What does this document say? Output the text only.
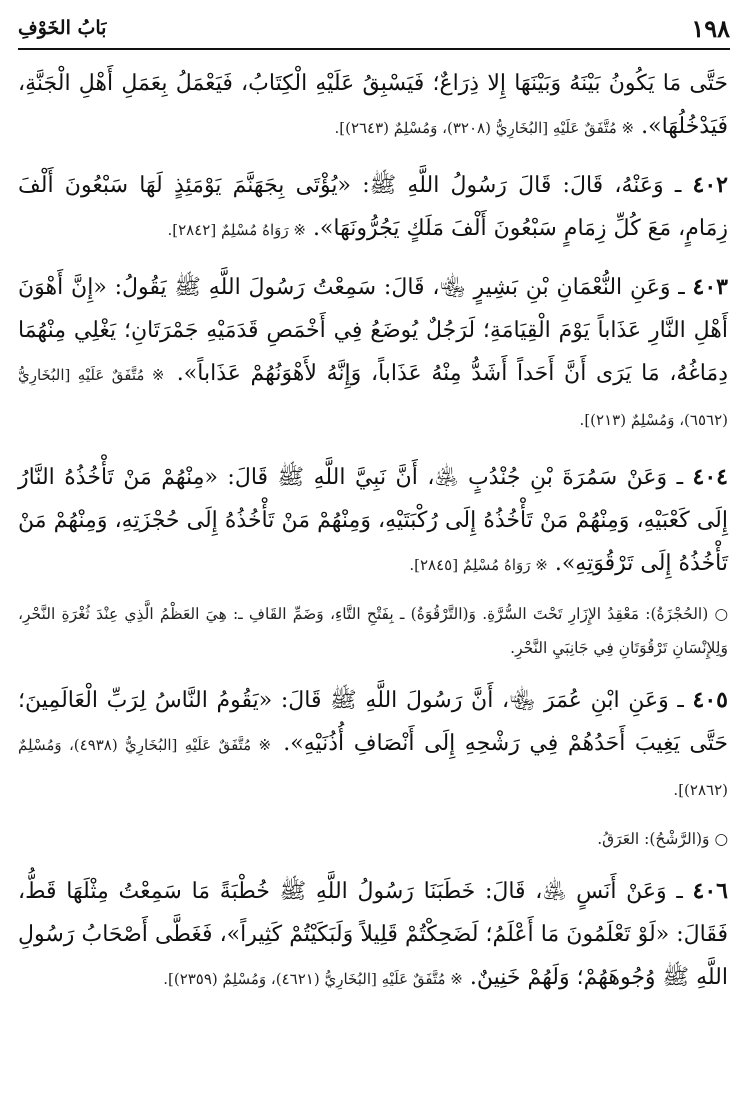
بَابُ الخَوْفِ	١٩٨

حَتَّى مَا يَكُونُ بَيْنَهُ وَبَيْنَهَا إِلا ذِرَاعٌ؛ فَيَسْبِقُ عَلَيْهِ الْكِتَابُ، فَيَعْمَلُ بِعَمَلِ أَهْلِ الْجَنَّةِ، فَيَدْخُلُهَا». ※ مُتَّفَقٌ عَلَيْهِ [البُخَارِيُّ (٣٢٠٨)، وَمُسْلِمٌ (٢٦٤٣)].

٤٠٢ ـ وَعَنْهُ، قَالَ: قَالَ رَسُولُ اللَّهِ ﷺ: «يُؤْتَى بِجَهَنَّمَ يَوْمَئِذٍ لَهَا سَبْعُونَ أَلْفَ زِمَامٍ، مَعَ كُلِّ زِمَامٍ سَبْعُونَ أَلْفَ مَلَكٍ يَجُرُّونَهَا». ※ رَوَاهُ مُسْلِمٌ [٢٨٤٢].

٤٠٣ ـ وَعَنِ النُّعْمَانِ بْنِ بَشِيرٍ ﵄، قَالَ: سَمِعْتُ رَسُولَ اللَّهِ ﷺ يَقُولُ: «إِنَّ أَهْوَنَ أَهْلِ النَّارِ عَذَاباً يَوْمَ الْقِيَامَةِ؛ لَرَجُلٌ يُوضَعُ فِي أَخْمَصِ قَدَمَيْهِ جَمْرَتَانِ؛ يَغْلِي مِنْهُمَا دِمَاغُهُ، مَا يَرَى أَنَّ أَحَداً أَشَدُّ مِنْهُ عَذَاباً، وَإِنَّهُ لأَهْوَنُهُمْ عَذَاباً». ※ مُتَّفَقٌ عَلَيْهِ [البُخَارِيُّ (٦٥٦٢)، وَمُسْلِمٌ (٢١٣)].

٤٠٤ ـ وَعَنْ سَمُرَةَ بْنِ جُنْدُبٍ ﵁، أَنَّ نَبِيَّ اللَّهِ ﷺ قَالَ: «مِنْهُمْ مَنْ تَأْخُذُهُ النَّارُ إِلَى كَعْبَيْهِ، وَمِنْهُمْ مَنْ تَأْخُذُهُ إِلَى رُكْبَتَيْهِ، وَمِنْهُمْ مَنْ تَأْخُذُهُ إِلَى حُجْزَتِهِ، وَمِنْهُمْ مَنْ تَأْخُذُهُ إِلَى تَرْقُوَتِهِ». ※ رَوَاهُ مُسْلِمٌ [٢٨٤٥].

○ (الحُجْزَةُ): مَعْقِدُ الإِزَارِ تَحْتَ السُّرَّةِ. وَ(التَّرْقُوَةُ) ـ بِفَتْحِ التَّاءِ، وَضَمِّ القَافِ ـ: هِيَ العَظْمُ الَّذِي عِنْدَ ثُغْرَةِ النَّحْرِ، وَلِلإِنْسَانِ تَرْقُوَتَانِ فِي جَانِبَيِ النَّحْرِ.

٤٠٥ ـ وَعَنِ ابْنِ عُمَرَ ﵄، أَنَّ رَسُولَ اللَّهِ ﷺ قَالَ: «يَقُومُ النَّاسُ لِرَبِّ الْعَالَمِينَ؛ حَتَّى يَغِيبَ أَحَدُهُمْ فِي رَشْحِهِ إِلَى أَنْصَافِ أُذُنَيْهِ». ※ مُتَّفَقٌ عَلَيْهِ [البُخَارِيُّ (٤٩٣٨)، وَمُسْلِمٌ (٢٨٦٢)].

○ وَ(الرَّشْحُ): العَرَقُ.

٤٠٦ ـ وَعَنْ أَنَسٍ ﵁، قَالَ: خَطَبَنَا رَسُولُ اللَّهِ ﷺ خُطْبَةً مَا سَمِعْتُ مِثْلَهَا قَطُّ، فَقَالَ: «لَوْ تَعْلَمُونَ مَا أَعْلَمُ؛ لَضَحِكْتُمْ قَلِيلاً وَلَبَكَيْتُمْ كَثِيراً»، فَغَطَّى أَصْحَابُ رَسُولِ اللَّهِ ﷺ وُجُوهَهُمْ؛ وَلَهُمْ خَنِينٌ. ※ مُتَّفَقٌ عَلَيْهِ [البُخَارِيُّ (٤٦٢١)، وَمُسْلِمٌ (٢٣٥٩)].
